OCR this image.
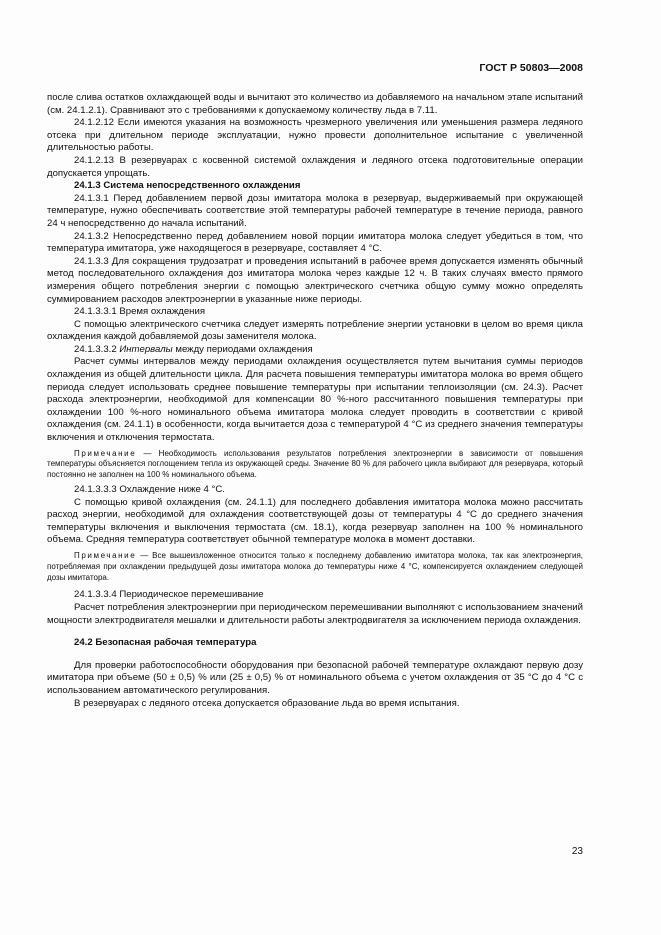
ГОСТ Р 50803—2008

после слива остатков охлаждающей воды и вычитают это количество из добавляемого на начальном этапе испытаний (см. 24.1.2.1). Сравнивают это с требованиями к допускаемому количеству льда в 7.11.

24.1.2.12 Если имеются указания на возможность чрезмерного увеличения или уменьшения размера ледяного отсека при длительном периоде эксплуатации, нужно провести дополнительное испытание с увеличенной длительностью работы.

24.1.2.13 В резервуарах с косвенной системой охлаждения и ледяного отсека подготовительные операции допускается упрощать.

24.1.3 Система непосредственного охлаждения

24.1.3.1 Перед добавлением первой дозы имитатора молока в резервуар, выдерживаемый при окружающей температуре, нужно обеспечивать соответствие этой температуры рабочей температуре в течение периода, равного 24 ч непосредственно до начала испытаний.

24.1.3.2 Непосредственно перед добавлением новой порции имитатора молока следует убедиться в том, что температура имитатора, уже находящегося в резервуаре, составляет 4 °С.

24.1.3.3 Для сокращения трудозатрат и проведения испытаний в рабочее время допускается изменять обычный метод последовательного охлаждения доз имитатора молока через каждые 12 ч. В таких случаях вместо прямого измерения общего потребления энергии с помощью электрического счетчика общую сумму можно определять суммированием расходов электроэнергии в указанные ниже периоды.

24.1.3.3.1 Время охлаждения

С помощью электрического счетчика следует измерять потребление энергии установки в целом во время цикла охлаждения каждой добавляемой дозы заменителя молока.

24.1.3.3.2 Интервалы между периодами охлаждения

Расчет суммы интервалов между периодами охлаждения осуществляется путем вычитания суммы периодов охлаждения из общей длительности цикла. Для расчета повышения температуры имитатора молока во время общего периода следует использовать среднее повышение температуры при испытании теплоизоляции (см. 24.3). Расчет расхода электроэнергии, необходимой для компенсации 80 %-ного рассчитанного повышения температуры при охлаждении 100 %-ного номинального объема имитатора молока следует проводить в соответствии с кривой охлаждения (см. 24.1.1) в особенности, когда вычитается доза с температурой 4 °С из среднего значения температуры включения и отключения термостата.

Примечание — Необходимость использования результатов потребления электроэнергии в зависимости от повышения температуры объясняется поглощением тепла из окружающей среды. Значение 80 % для рабочего цикла выбирают для резервуара, который постоянно не заполнен на 100 % номинального объема.

24.1.3.3.3 Охлаждение ниже 4 °С.

С помощью кривой охлаждения (см. 24.1.1) для последнего добавления имитатора молока можно рассчитать расход энергии, необходимой для охлаждения соответствующей дозы от температуры 4 °С до среднего значения температуры включения и выключения термостата (см. 18.1), когда резервуар заполнен на 100 % номинального объема. Средняя температура соответствует обычной температуре молока в момент доставки.

Примечание — Все вышеизложенное относится только к последнему добавлению имитатора молока, так как электроэнергия, потребляемая при охлаждении предыдущей дозы имитатора молока до температуры ниже 4 °С, компенсируется охлаждением следующей дозы имитатора.

24.1.3.3.4 Периодическое перемешивание

Расчет потребления электроэнергии при периодическом перемешивании выполняют с использованием значений мощности электродвигателя мешалки и длительности работы электродвигателя за исключением периода охлаждения.

24.2 Безопасная рабочая температура

Для проверки работоспособности оборудования при безопасной рабочей температуре охлаждают первую дозу имитатора при объеме (50 ± 0,5) % или (25 ± 0,5) % от номинального объема с учетом охлаждения от 35 °С до 4 °С с использованием автоматического регулирования.

В резервуарах с ледяного отсека допускается образование льда во время испытания.

23
